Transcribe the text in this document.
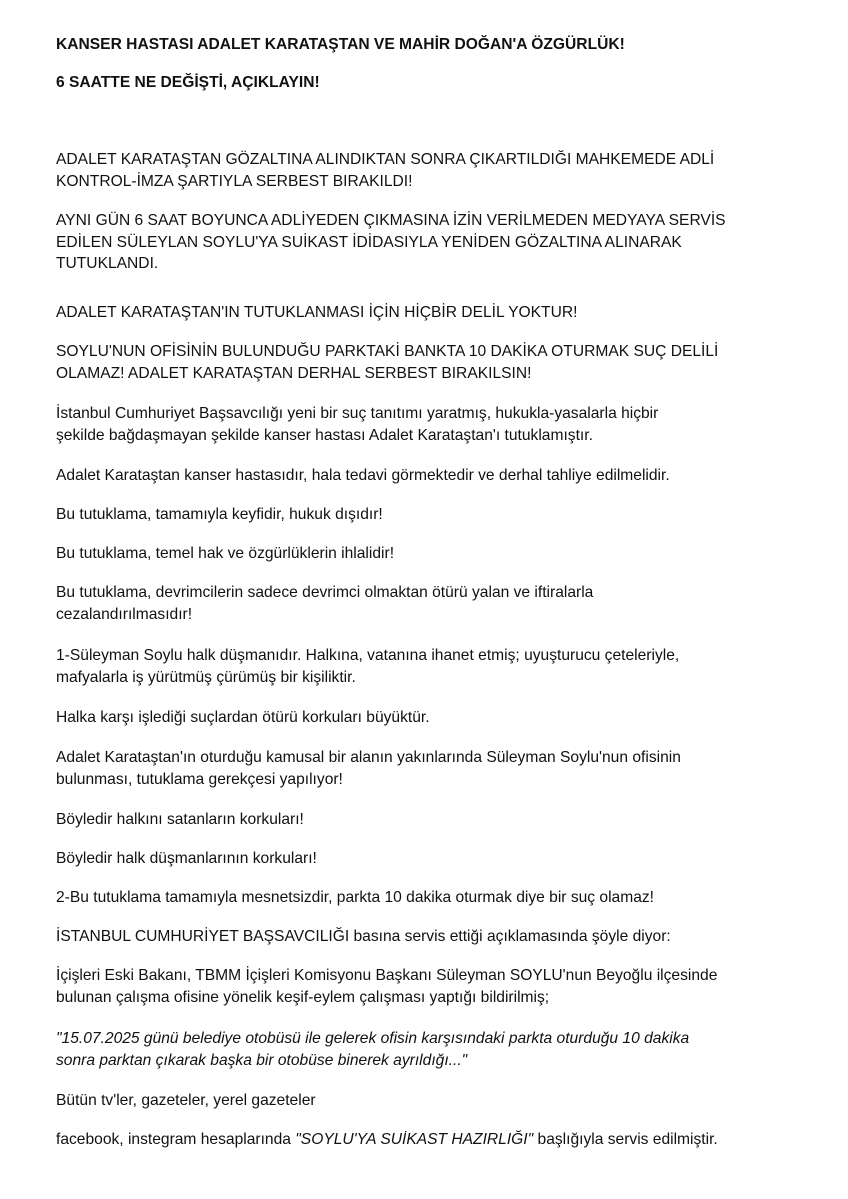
KANSER HASTASI ADALET KARATAŞTAN VE MAHİR DOĞAN'A ÖZGÜRLÜK!

6 SAATTE NE DEĞİŞTİ, AÇIKLAYIN!

ADALET KARATAŞTAN GÖZALTINA ALINDIKTAN SONRA ÇIKARTILDIĞI MAHKEMEDE ADLİ
KONTROL-İMZA ŞARTIYLA SERBEST BIRAKILDI!
AYNI GÜN 6 SAAT BOYUNCA ADLİYEDEN ÇIKMASINA İZİN VERİLMEDEN MEDYAYA SERVİS
EDİLEN SÜLEYLAN SOYLU'YA SUİKAST İDİDASIYLA YENİDEN GÖZALTINA ALINARAK
TUTUKLANDI.
ADALET KARATAŞTAN'IN TUTUKLANMASI İÇİN HİÇBİR DELİL YOKTUR!
SOYLU'NUN OFİSİNİN BULUNDUĞU PARKTAKİ BANKTA 10 DAKİKA OTURMAK SUÇ DELİLİ
OLAMAZ! ADALET KARATAŞTAN DERHAL SERBEST BIRAKILSIN!
İstanbul Cumhuriyet Başsavcılığı yeni bir suç tanıtımı yaratmış, hukukla-yasalarla hiçbir
şekilde bağdaşmayan şekilde kanser hastası Adalet Karataştan'ı tutuklamıştır.
Adalet Karataştan kanser hastasıdır, hala tedavi görmektedir ve derhal tahliye edilmelidir.
Bu tutuklama, tamamıyla keyfidir, hukuk dışıdır!
Bu tutuklama, temel hak ve özgürlüklerin ihlalidir!
Bu tutuklama, devrimcilerin sadece devrimci olmaktan ötürü yalan ve iftiralarla
cezalandırılmasıdır!
1-Süleyman Soylu halk düşmanıdır. Halkına, vatanına ihanet etmiş; uyuşturucu çeteleriyle,
mafyalarla iş yürütmüş çürümüş bir kişiliktir.
Halka karşı işlediği suçlardan ötürü korkuları büyüktür.
Adalet Karataştan'ın oturduğu kamusal bir alanın yakınlarında Süleyman Soylu'nun ofisinin
bulunması, tutuklama gerekçesi yapılıyor!
Böyledir halkını satanların korkuları!
Böyledir halk düşmanlarının korkuları!
2-Bu tutuklama tamamıyla mesnetsizdir, parkta 10 dakika oturmak diye bir suç olamaz!
İSTANBUL CUMHURİYET BAŞSAVCILIĞI basına servis ettiği açıklamasında şöyle diyor:
İçişleri Eski Bakanı, TBMM İçişleri Komisyonu Başkanı Süleyman SOYLU'nun Beyoğlu ilçesinde
bulunan çalışma ofisine yönelik keşif-eylem çalışması yaptığı bildirilmiş;
"15.07.2025 günü belediye otobüsü ile gelerek ofisin karşısındaki parkta oturduğu 10 dakika
sonra parktan çıkarak başka bir otobüse binerek ayrıldığı..."
Bütün tv'ler, gazeteler, yerel gazeteler
facebook, instegram hesaplarında "SOYLU'YA SUİKAST HAZIRLIĞI" başlığıyla servis edilmiştir.
